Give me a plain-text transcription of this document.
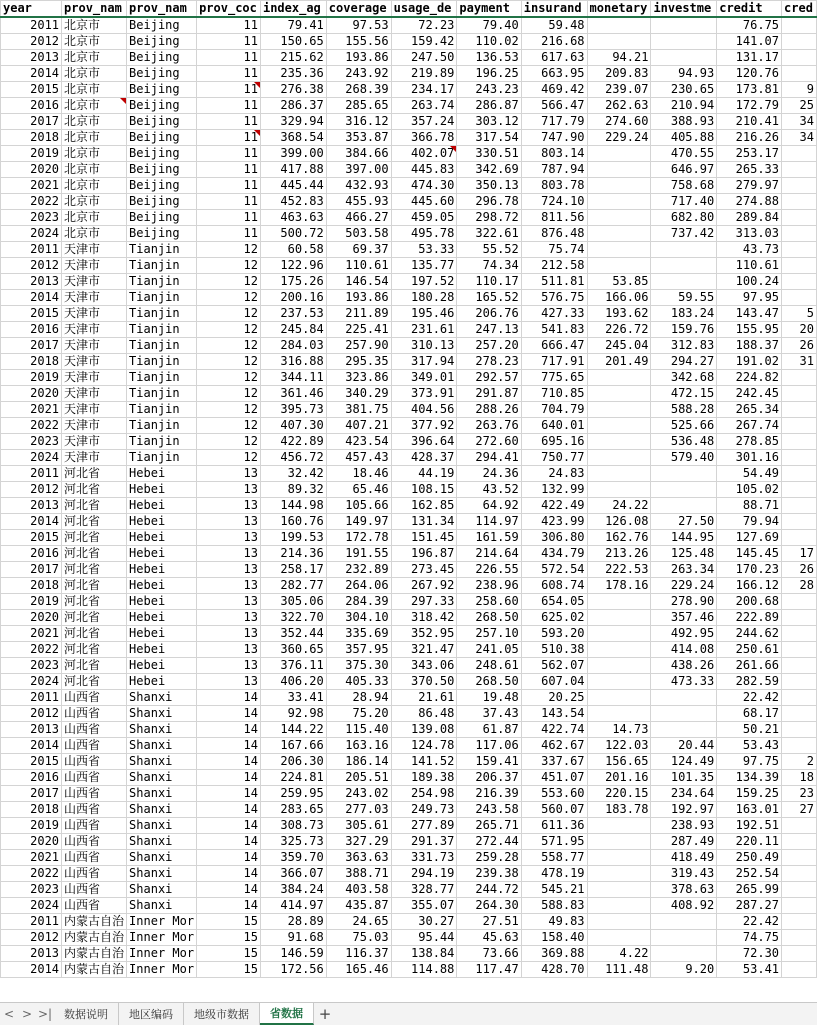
year	prov_nam	prov_nam	prov_coc	index_ag	coverage	usage_de	payment	insurand	monetary	investme	credit	cred
2011	北京市	Beijing	11	79.41	97.53	72.23	79.40	59.48			76.75	
2012	北京市	Beijing	11	150.65	155.56	159.42	110.02	216.68			141.07	
2013	北京市	Beijing	11	215.62	193.86	247.50	136.53	617.63	94.21		131.17	
2014	北京市	Beijing	11	235.36	243.92	219.89	196.25	663.95	209.83	94.93	120.76	
2015	北京市	Beijing	11	276.38	268.39	234.17	243.23	469.42	239.07	230.65	173.81	9
2016	北京市	Beijing	11	286.37	285.65	263.74	286.87	566.47	262.63	210.94	172.79	25
2017	北京市	Beijing	11	329.94	316.12	357.24	303.12	717.79	274.60	388.93	210.41	34
2018	北京市	Beijing	11	368.54	353.87	366.78	317.54	747.90	229.24	405.88	216.26	34
2019	北京市	Beijing	11	399.00	384.66	402.07	330.51	803.14		470.55	253.17	
2020	北京市	Beijing	11	417.88	397.00	445.83	342.69	787.94		646.97	265.33	
2021	北京市	Beijing	11	445.44	432.93	474.30	350.13	803.78		758.68	279.97	
2022	北京市	Beijing	11	452.83	455.93	445.60	296.78	724.10		717.40	274.88	
2023	北京市	Beijing	11	463.63	466.27	459.05	298.72	811.56		682.80	289.84	
2024	北京市	Beijing	11	500.72	503.58	495.78	322.61	876.48		737.42	313.03	
2011	天津市	Tianjin	12	60.58	69.37	53.33	55.52	75.74			43.73	
2012	天津市	Tianjin	12	122.96	110.61	135.77	74.34	212.58			110.61	
2013	天津市	Tianjin	12	175.26	146.54	197.52	110.17	511.81	53.85		100.24	
2014	天津市	Tianjin	12	200.16	193.86	180.28	165.52	576.75	166.06	59.55	97.95	
2015	天津市	Tianjin	12	237.53	211.89	195.46	206.76	427.33	193.62	183.24	143.47	5
2016	天津市	Tianjin	12	245.84	225.41	231.61	247.13	541.83	226.72	159.76	155.95	20
2017	天津市	Tianjin	12	284.03	257.90	310.13	257.20	666.47	245.04	312.83	188.37	26
2018	天津市	Tianjin	12	316.88	295.35	317.94	278.23	717.91	201.49	294.27	191.02	31
2019	天津市	Tianjin	12	344.11	323.86	349.01	292.57	775.65		342.68	224.82	
2020	天津市	Tianjin	12	361.46	340.29	373.91	291.87	710.85		472.15	242.45	
2021	天津市	Tianjin	12	395.73	381.75	404.56	288.26	704.79		588.28	265.34	
2022	天津市	Tianjin	12	407.30	407.21	377.92	263.76	640.01		525.66	267.74	
2023	天津市	Tianjin	12	422.89	423.54	396.64	272.60	695.16		536.48	278.85	
2024	天津市	Tianjin	12	456.72	457.43	428.37	294.41	750.77		579.40	301.16	
2011	河北省	Hebei	13	32.42	18.46	44.19	24.36	24.83			54.49	
2012	河北省	Hebei	13	89.32	65.46	108.15	43.52	132.99			105.02	
2013	河北省	Hebei	13	144.98	105.66	162.85	64.92	422.49	24.22		88.71	
2014	河北省	Hebei	13	160.76	149.97	131.34	114.97	423.99	126.08	27.50	79.94	
2015	河北省	Hebei	13	199.53	172.78	151.45	161.59	306.80	162.76	144.95	127.69	
2016	河北省	Hebei	13	214.36	191.55	196.87	214.64	434.79	213.26	125.48	145.45	17
2017	河北省	Hebei	13	258.17	232.89	273.45	226.55	572.54	222.53	263.34	170.23	26
2018	河北省	Hebei	13	282.77	264.06	267.92	238.96	608.74	178.16	229.24	166.12	28
2019	河北省	Hebei	13	305.06	284.39	297.33	258.60	654.05		278.90	200.68	
2020	河北省	Hebei	13	322.70	304.10	318.42	268.50	625.02		357.46	222.89	
2021	河北省	Hebei	13	352.44	335.69	352.95	257.10	593.20		492.95	244.62	
2022	河北省	Hebei	13	360.65	357.95	321.47	241.05	510.38		414.08	250.61	
2023	河北省	Hebei	13	376.11	375.30	343.06	248.61	562.07		438.26	261.66	
2024	河北省	Hebei	13	406.20	405.33	370.50	268.50	607.04		473.33	282.59	
2011	山西省	Shanxi	14	33.41	28.94	21.61	19.48	20.25			22.42	
2012	山西省	Shanxi	14	92.98	75.20	86.48	37.43	143.54			68.17	
2013	山西省	Shanxi	14	144.22	115.40	139.08	61.87	422.74	14.73		50.21	
2014	山西省	Shanxi	14	167.66	163.16	124.78	117.06	462.67	122.03	20.44	53.43	
2015	山西省	Shanxi	14	206.30	186.14	141.52	159.41	337.67	156.65	124.49	97.75	2
2016	山西省	Shanxi	14	224.81	205.51	189.38	206.37	451.07	201.16	101.35	134.39	18
2017	山西省	Shanxi	14	259.95	243.02	254.98	216.39	553.60	220.15	234.64	159.25	23
2018	山西省	Shanxi	14	283.65	277.03	249.73	243.58	560.07	183.78	192.97	163.01	27
2019	山西省	Shanxi	14	308.73	305.61	277.89	265.71	611.36		238.93	192.51	
2020	山西省	Shanxi	14	325.73	327.29	291.37	272.44	571.95		287.49	220.11	
2021	山西省	Shanxi	14	359.70	363.63	331.73	259.28	558.77		418.49	250.49	
2022	山西省	Shanxi	14	366.07	388.71	294.19	239.38	478.19		319.43	252.54	
2023	山西省	Shanxi	14	384.24	403.58	328.77	244.72	545.21		378.63	265.99	
2024	山西省	Shanxi	14	414.97	435.87	355.07	264.30	588.83		408.92	287.27	
2011	内蒙古自治	Inner Mor	15	28.89	24.65	30.27	27.51	49.83			22.42	
2012	内蒙古自治	Inner Mor	15	91.68	75.03	95.44	45.63	158.40			74.75	
2013	内蒙古自治	Inner Mor	15	146.59	116.37	138.84	73.66	369.88	4.22		72.30	
2014	内蒙古自治	Inner Mor	15	172.56	165.46	114.88	117.47	428.70	111.48	9.20	53.41	
< > >|	数据说明	地区编码	地级市数据	省数据	+
